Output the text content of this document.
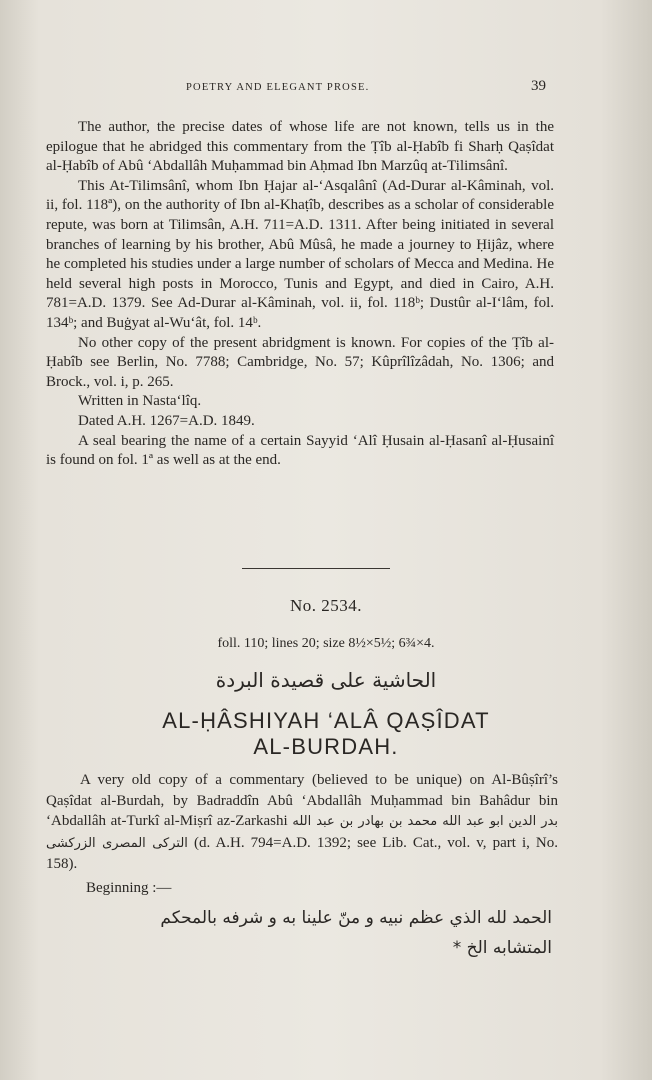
POETRY AND ELEGANT PROSE.	39

The author, the precise dates of whose life are not known, tells us in the epilogue that he abridged this commentary from the Ṭîb al-Ḥabîb fi Sharḥ Qaṣîdat al-Ḥabîb of Abû ‘Abdallâh Muḥammad bin Aḥmad Ibn Marzûq at-Tilimsânî.

This At-Tilimsânî, whom Ibn Ḥajar al-‘Asqalânî (Ad-Durar al-Kâminah, vol. ii, fol. 118ª), on the authority of Ibn al-Khaṭîb, describes as a scholar of considerable repute, was born at Tilimsân, A.H. 711=A.D. 1311. After being initiated in several branches of learning by his brother, Abû Mûsâ, he made a journey to Ḥijâz, where he completed his studies under a large number of scholars of Mecca and Medina. He held several high posts in Morocco, Tunis and Egypt, and died in Cairo, A.H. 781=A.D. 1379. See Ad-Durar al-Kâminah, vol. ii, fol. 118ᵇ; Dustûr al-I‘lâm, fol. 134ᵇ; and Buġyat al-Wu‘ât, fol. 14ᵇ.

No other copy of the present abridgment is known. For copies of the Ṭîb al-Ḥabîb see Berlin, No. 7788; Cambridge, No. 57; Kûprîlîzâdah, No. 1306; and Brock., vol. i, p. 265.

Written in Nasta‘lîq.

Dated A.H. 1267=A.D. 1849.

A seal bearing the name of a certain Sayyid ‘Alî Ḥusain al-Ḥasanî al-Ḥusainî is found on fol. 1ª as well as at the end.

No. 2534.
foll. 110; lines 20; size 8½×5½; 6¾×4.
الحاشية على قصيدة البردة
AL-ḤÂSHIYAH ‘ALÂ QAṢÎDAT
AL-BURDAH.

A very old copy of a commentary (believed to be unique) on Al-Bûṣîrî’s Qaṣîdat al-Burdah, by Badraddîn Abû ‘Abdallâh Muḥammad bin Bahâdur bin ‘Abdallâh at-Turkî al-Miṣrî az-Zarkashi	بدر الدين ابو عبد الله محمد بن بهادر بن عبد الله التركى المصرى الزركشى (d. A.H. 794=A.D. 1392; see Lib. Cat., vol. v, part i, No. 158).

Beginning :—
الحمد لله الذي عظم نبيه و منّ علينا به و شرفه بالمحكم
المتشابه الخ *
